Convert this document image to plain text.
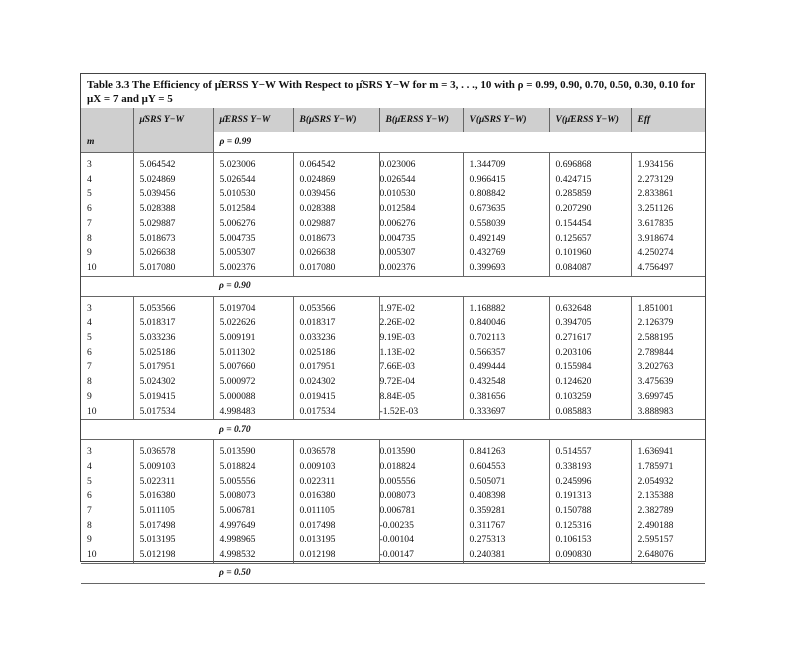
Table 3.3 The Efficiency of μ̂ERSS Y−W With Respect to μ̂SRS Y−W for m = 3, . . ., 10 with ρ = 0.99, 0.90, 0.70, 0.50, 0.30, 0.10 for
μX = 7 and μY = 5
	μ̂SRS Y−W	μ̂ERSS Y−W	B(μ̂SRS Y−W)	B(μ̂ERSS Y−W)	V(μ̂SRS Y−W)	V(μ̂ERSS Y−W)	Eff
m		ρ = 0.99					

3	5.064542	5.023006	0.064542	0.023006	1.344709	0.696868	1.934156
4	5.024869	5.026544	0.024869	0.026544	0.966415	0.424715	2.273129
5	5.039456	5.010530	0.039456	0.010530	0.808842	0.285859	2.833861
6	5.028388	5.012584	0.028388	0.012584	0.673635	0.207290	3.251126
7	5.029887	5.006276	0.029887	0.006276	0.558039	0.154454	3.617835
8	5.018673	5.004735	0.018673	0.004735	0.492149	0.125657	3.918674
9	5.026638	5.005307	0.026638	0.005307	0.432769	0.101960	4.250274
10	5.017080	5.002376	0.017080	0.002376	0.399693	0.084087	4.756497
		ρ = 0.90					
3	5.053566	5.019704	0.053566	1.97E-02	1.168882	0.632648	1.851001
4	5.018317	5.022626	0.018317	2.26E-02	0.840046	0.394705	2.126379
5	5.033236	5.009191	0.033236	9.19E-03	0.702113	0.271617	2.588195
6	5.025186	5.011302	0.025186	1.13E-02	0.566357	0.203106	2.789844
7	5.017951	5.007660	0.017951	7.66E-03	0.499444	0.155984	3.202763
8	5.024302	5.000972	0.024302	9.72E-04	0.432548	0.124620	3.475639
9	5.019415	5.000088	0.019415	8.84E-05	0.381656	0.103259	3.699745
10	5.017534	4.998483	0.017534	-1.52E-03	0.333697	0.085883	3.888983
		ρ = 0.70					
3	5.036578	5.013590	0.036578	0.013590	0.841263	0.514557	1.636941
4	5.009103	5.018824	0.009103	0.018824	0.604553	0.338193	1.785971
5	5.022311	5.005556	0.022311	0.005556	0.505071	0.245996	2.054932
6	5.016380	5.008073	0.016380	0.008073	0.408398	0.191313	2.135388
7	5.011105	5.006781	0.011105	0.006781	0.359281	0.150788	2.382789
8	5.017498	4.997649	0.017498	-0.00235	0.311767	0.125316	2.490188
9	5.013195	4.998965	0.013195	-0.00104	0.275313	0.106153	2.595157
10	5.012198	4.998532	0.012198	-0.00147	0.240381	0.090830	2.648076
		ρ = 0.50					
